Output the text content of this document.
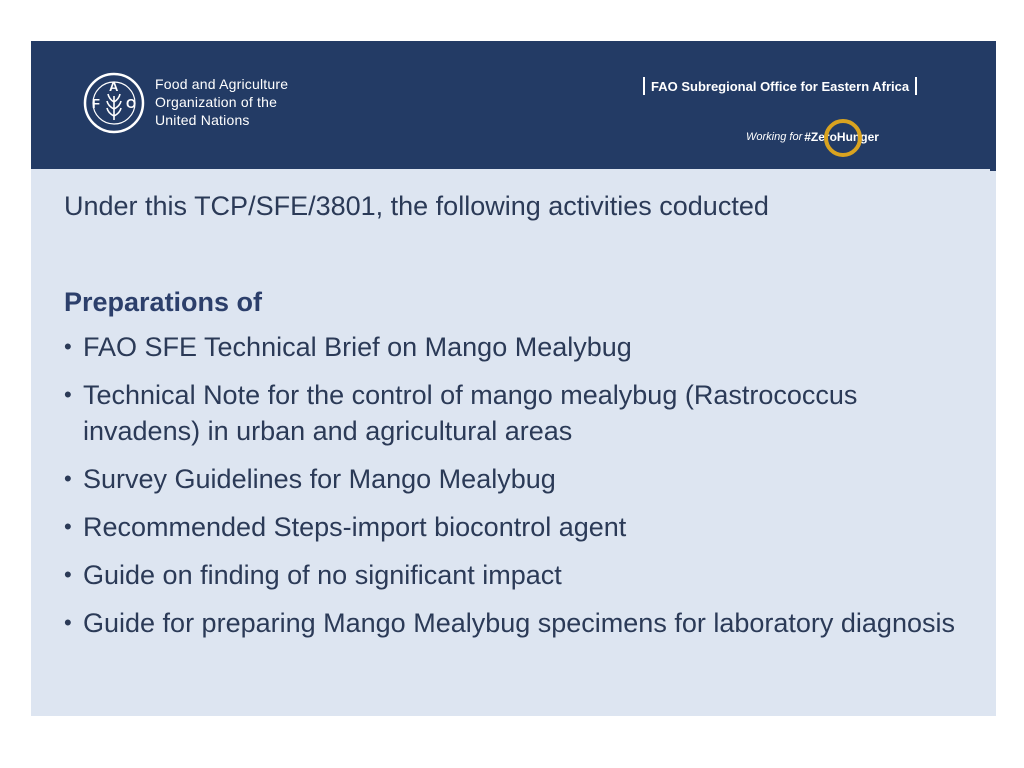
F
A
O
Food and Agriculture
Organization of the
United Nations
FAO Subregional Office for Eastern Africa
Working for #ZeroHunger

Under this TCP/SFE/3801, the following activities coducted

Preparations of

• FAO SFE Technical Brief on Mango Mealybug
• Technical Note for the control of mango mealybug (Rastrococcus invadens) in urban and agricultural areas
• Survey Guidelines for Mango Mealybug
• Recommended Steps-import biocontrol agent
• Guide on finding of no significant impact
• Guide for preparing Mango Mealybug specimens for laboratory diagnosis
